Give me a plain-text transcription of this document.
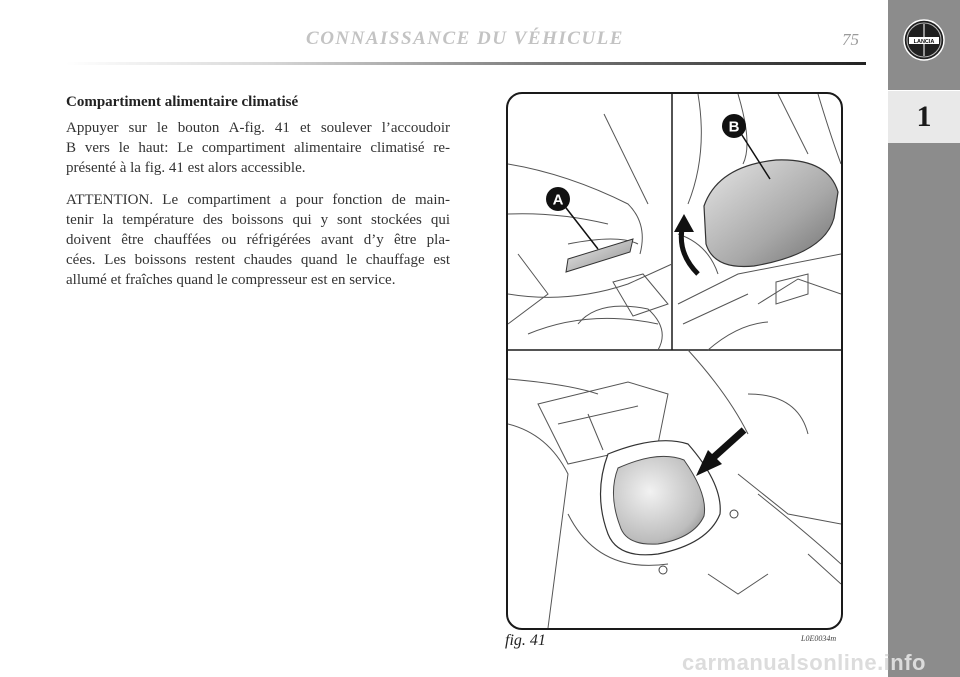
CONNAISSANCE DU VÉHICULE	75	LANCIA
1
Compartiment alimentaire climatisé
Appuyer sur le bouton A-fig. 41 et soulever l’accoudoir
B vers le haut: Le compartiment alimentaire climatisé re-
présenté à la fig. 41 est alors accessible.
ATTENTION. Le compartiment a pour fonction de main-
tenir la température des boissons qui y sont stockées qui
doivent être chauffées ou réfrigérées avant d’y être pla-
cées. Les boissons restent chaudes quand le chauffage est
allumé et fraîches quand le compresseur est en service.
A
B
fig. 41	L0E0034m
carmanualsonline.info
